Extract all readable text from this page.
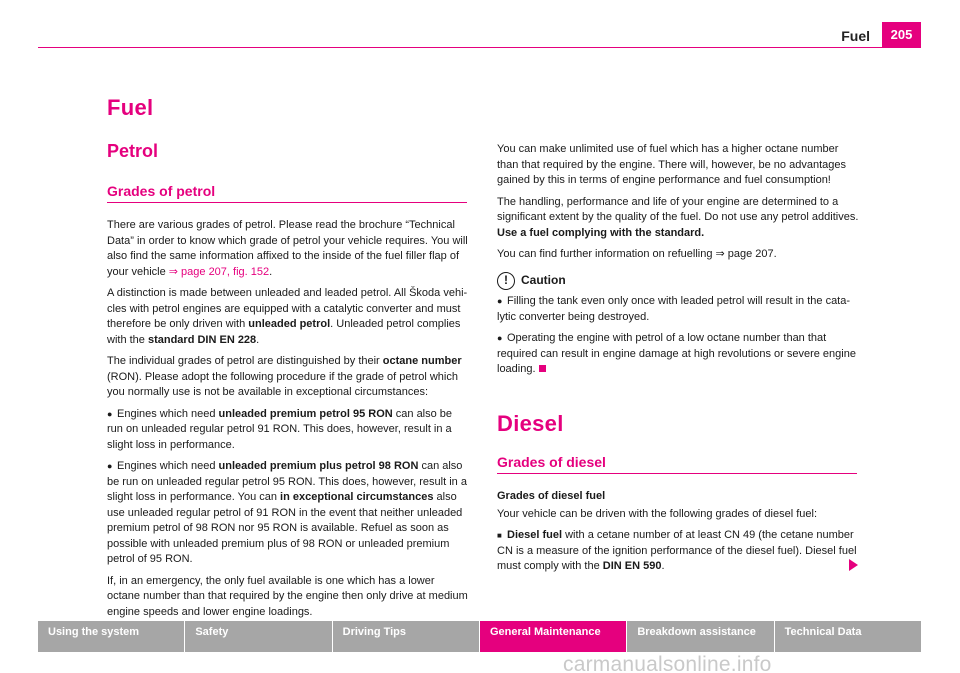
Fuel	205
Fuel
Petrol
Grades of petrol

There are various grades of petrol. Please read the brochure “Technical Data” in order to know which grade of petrol your vehicle requires. You will also find the same information affixed to the inside of the fuel filler flap of your vehicle ⇒ page 207, fig. 152.

A distinction is made between unleaded and leaded petrol. All Škoda vehi-cles with petrol engines are equipped with a catalytic converter and must therefore be only driven with unleaded petrol. Unleaded petrol complies with the standard DIN EN 228.

The individual grades of petrol are distinguished by their octane number (RON). Please adopt the following procedure if the grade of petrol which you normally use is not be available in exceptional circumstances:

● Engines which need unleaded premium petrol 95 RON can also be run on unleaded regular petrol 91 RON. This does, however, result in a slight loss in performance.

● Engines which need unleaded premium plus petrol 98 RON can also be run on unleaded regular petrol 95 RON. This does, however, result in a slight loss in performance. You can in exceptional circumstances also use unleaded regular petrol of 91 RON in the event that neither unleaded premium petrol of 98 RON nor 95 RON is available. Refuel as soon as possible with unleaded premium plus of 98 RON or unleaded premium petrol of 95 RON.

If, in an emergency, the only fuel available is one which has a lower octane number than that required by the engine then only drive at medium engine speeds and lower engine loadings.

You can make unlimited use of fuel which has a higher octane number than that required by the engine. There will, however, be no advantages gained by this in terms of engine performance and fuel consumption!

The handling, performance and life of your engine are determined to a significant extent by the quality of the fuel. Do not use any petrol additives. Use a fuel complying with the standard.

You can find further information on refuelling ⇒ page 207.

!	Caution

● Filling the tank even only once with leaded petrol will result in the cata-lytic converter being destroyed.

● Operating the engine with petrol of a low octane number than that required can result in engine damage at high revolutions or severe engine loading.

Diesel
Grades of diesel

Grades of diesel fuel

Your vehicle can be driven with the following grades of diesel fuel:

■ Diesel fuel with a cetane number of at least CN 49 (the cetane number CN is a measure of the ignition performance of the diesel fuel). Diesel fuel must comply with the DIN EN 590.

Using the system	Safety	Driving Tips	General Maintenance	Breakdown assistance	Technical Data
carmanualsonline.info
